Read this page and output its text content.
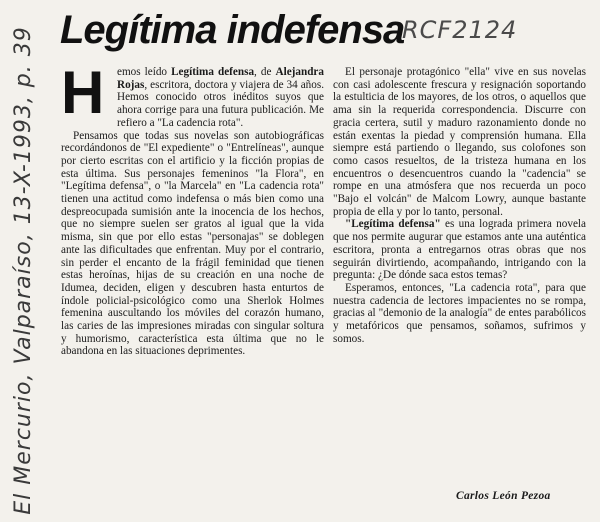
El Mercurio, Valparaíso, 13-X-1993, p. 39	RCF2124
Legítima indefensa

H	emos leído Legítima defensa, de Alejandra Rojas, escritora, doctora y viajera de 34 años. Hemos conocido otros inéditos suyos que ahora corrige para una futura publicación. Me refiero a "La cadencia rota".

Pensamos que todas sus novelas son autobiográficas recordándonos de "El expediente" o "Entrelíneas", aunque por cierto escritas con el artificio y la ficción propias de esta última. Sus personajes femeninos "la Flora", en "Legítima defensa", o "la Marcela" en "La cadencia rota" tienen una actitud como indefensa o más bien como una despreocupada sumisión ante la inocencia de los hechos, que no siempre suelen ser gratos al igual que la vida misma, sin que por ello estas "personajas" se doblegen ante las dificultades que enfrentan. Muy por el contrario, sin perder el encanto de la frágil feminidad que tienen estas heroínas, hijas de su creación en una noche de Idumea, deciden, eligen y descubren hasta enturtos de índole policial-psicológico como una Sherlok Holmes femenina auscultando los móviles del corazón humano, las caries de las impresiones miradas con singular soltura y humorismo, característica esta última que no le abandona en las situaciones deprimentes.

El personaje protagónico "ella" vive en sus novelas con casi adolescente frescura y resignación soportando la estulticia de los mayores, de los otros, o aquellos que ama sin la requerida correspondencia. Discurre con gracia certera, sutil y maduro razonamiento donde no están exentas la piedad y comprensión humana. Ella siempre está partiendo o llegando, sus colofones son como casos resueltos, de la tristeza humana en los encuentros o desencuentros cuando la "cadencia" se rompe en una atmósfera que nos recuerda un poco "Bajo el volcán" de Malcom Lowry, aunque bastante propia de ella y por lo tanto, personal.

"Legítima defensa" es una lograda primera novela que nos permite augurar que estamos ante una auténtica escritora, pronta a entregarnos otras obras que nos seguirán divirtiendo, acompañando, intrigando con la pregunta: ¿De dónde saca estos temas?

Esperamos, entonces, "La cadencia rota", para que nuestra cadencia de lectores impacientes no se rompa, gracias al "demonio de la analogía" de entes parabólicos y metafóricos que pensamos, soñamos, sufrimos y somos.

Carlos León Pezoa
